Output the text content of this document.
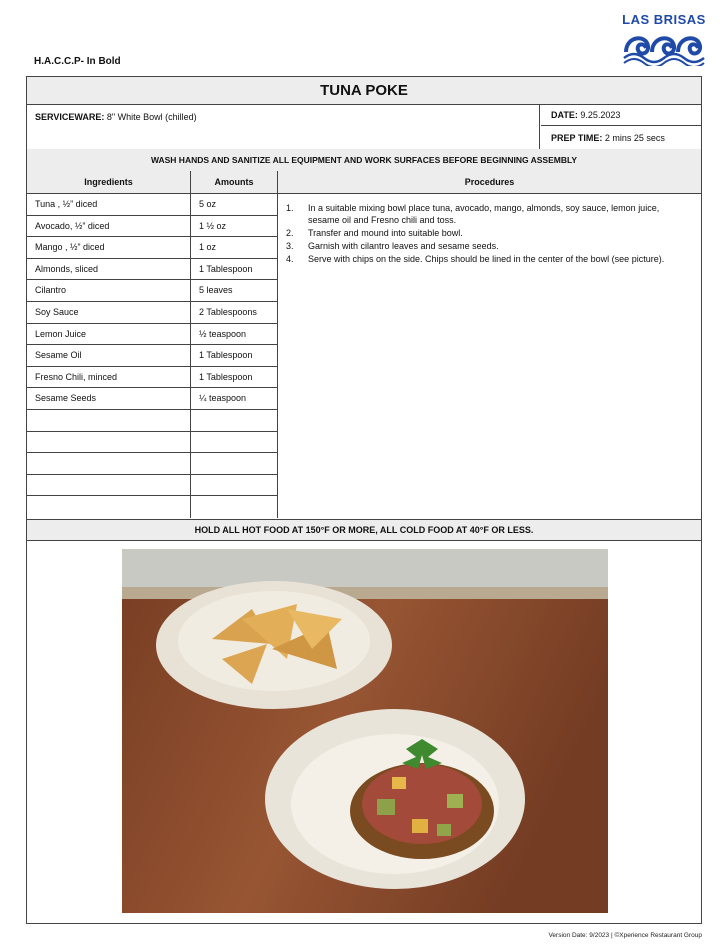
H.A.C.C.P- In Bold
LAS BRISAS
TUNA POKE
SERVICEWARE: 8" White Bowl (chilled)	DATE: 9.25.2023
PREP TIME: 2 mins 25 secs
WASH HANDS AND SANITIZE ALL EQUIPMENT AND WORK SURFACES BEFORE BEGINNING ASSEMBLY
Ingredients	Amounts	Procedures
Tuna , ½” diced	5 oz
Avocado, ½” diced	1 ½ oz
Mango , ½” diced	1 oz
Almonds, sliced	1 Tablespoon
Cilantro	5 leaves
Soy Sauce	2 Tablespoons
Lemon Juice	½ teaspoon
Sesame Oil	1 Tablespoon
Fresno Chili, minced	1 Tablespoon
Sesame Seeds	¼ teaspoon
1.	In a suitable mixing bowl place tuna, avocado, mango, almonds, soy sauce, lemon juice, sesame oil and Fresno chili and toss.
2.	Transfer and mound into suitable bowl.
3.	Garnish with cilantro leaves and sesame seeds.
4.	Serve with chips on the side. Chips should be lined in the center of the bowl (see picture).
HOLD ALL HOT FOOD AT 150°F OR MORE, ALL COLD FOOD AT 40°F OR LESS.
Version Date: 9/2023 | ©Xperience Restaurant Group
